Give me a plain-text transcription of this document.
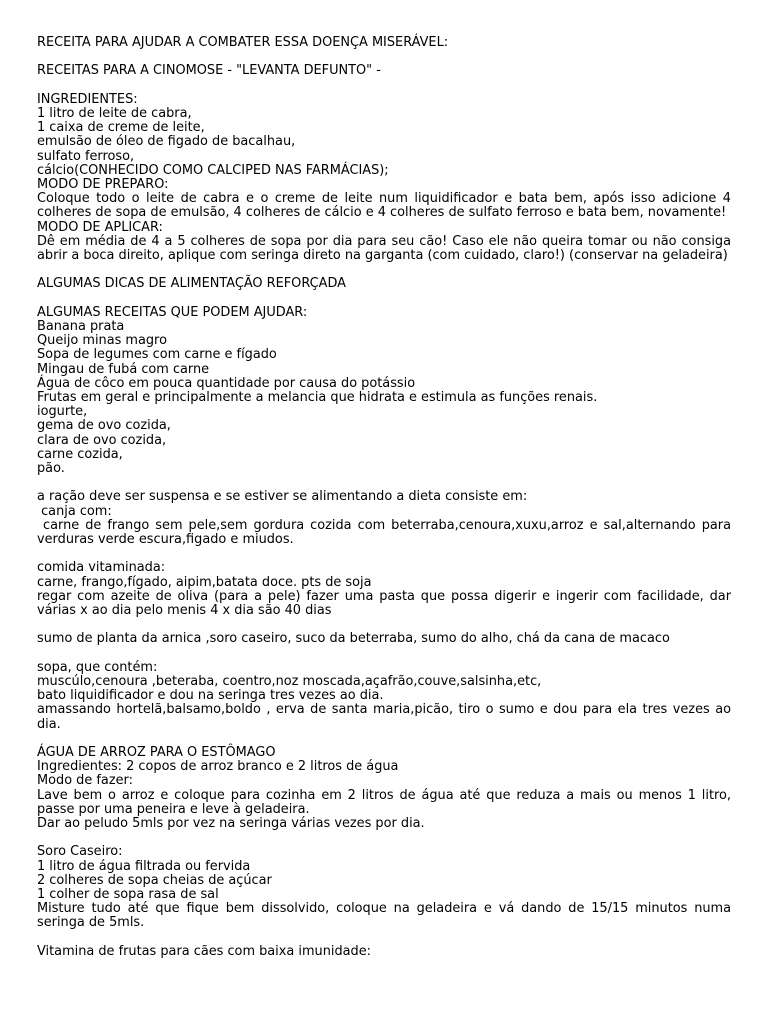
RECEITA PARA AJUDAR A COMBATER ESSA DOENÇA MISERÁVEL:
RECEITAS PARA A CINOMOSE - "LEVANTA DEFUNTO" -
INGREDIENTES:
1 litro de leite de cabra,
1 caixa de creme de leite,
emulsão de óleo de figado de bacalhau,
sulfato ferroso,
cálcio(CONHECIDO COMO CALCIPED NAS FARMÁCIAS);
MODO DE PREPARO:
Coloque todo o leite de cabra e o creme de leite num liquidificador e bata bem, após isso adicione 4 colheres de sopa de emulsão, 4 colheres de cálcio e 4 colheres de sulfato ferroso e bata bem, novamente!
MODO DE APLICAR:
Dê em média de 4 a 5 colheres de sopa por dia para seu cão! Caso ele não queira tomar ou não consiga abrir a boca direito, aplique com seringa direto na garganta (com cuidado, claro!) (conservar na geladeira)
ALGUMAS DICAS DE ALIMENTAÇÃO REFORÇADA
ALGUMAS RECEITAS QUE PODEM AJUDAR:
Banana prata
Queijo minas magro
Sopa de legumes com carne e fígado
Mingau de fubá com carne
Água de côco em pouca quantidade por causa do potássio
Frutas em geral e principalmente a melancia que hidrata e estimula as funções renais.
iogurte,
gema de ovo cozida,
clara de ovo cozida,
carne cozida,
pão.
a ração deve ser suspensa e se estiver se alimentando a dieta consiste em:
canja com:
carne de frango sem pele,sem gordura cozida com beterraba,cenoura,xuxu,arroz e sal,alternando para verduras verde escura,figado e miudos.
comida vitaminada:
carne, frango,fígado, aipim,batata doce. pts de soja
regar com azeite de oliva (para a pele) fazer uma pasta que possa digerir e ingerir com facilidade, dar várias x ao dia pelo menis 4 x dia são 40 dias
sumo de planta da arnica ,soro caseiro, suco da beterraba, sumo do alho, chá da cana de macaco
sopa, que contém:
muscúlo,cenoura ,beteraba, coentro,noz moscada,açafrão,couve,salsinha,etc,
bato liquidificador e dou na seringa tres vezes ao dia.
amassando hortelã,balsamo,boldo , erva de santa maria,picão, tiro o sumo e dou para ela tres vezes ao dia.
ÁGUA DE ARROZ PARA O ESTÔMAGO
Ingredientes: 2 copos de arroz branco e 2 litros de água
Modo de fazer:
Lave bem o arroz e coloque para cozinha em 2 litros de água até que reduza a mais ou menos 1 litro, passe por uma peneira e leve à geladeira.
Dar ao peludo 5mls por vez na seringa várias vezes por dia.
Soro Caseiro:
1 litro de água filtrada ou fervida
2 colheres de sopa cheias de açúcar
1 colher de sopa rasa de sal
Misture tudo até que fique bem dissolvido, coloque na geladeira e vá dando de 15/15 minutos numa seringa de 5mls.
Vitamina de frutas para cães com baixa imunidade:
